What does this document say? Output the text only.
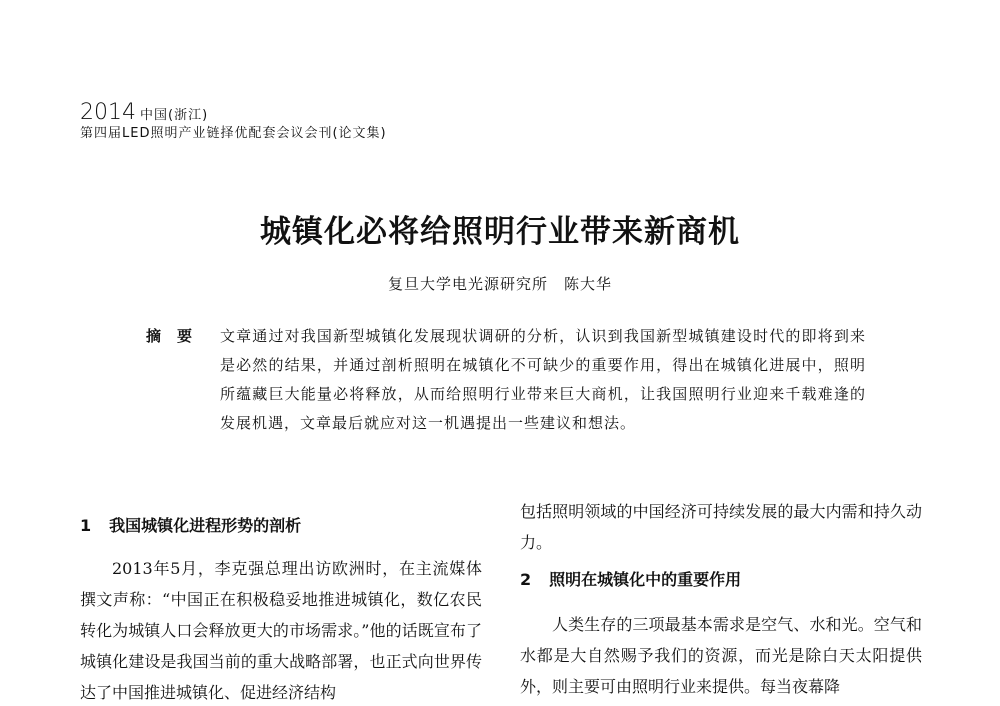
2014 中国(浙江)
第四届LED照明产业链择优配套会议会刊(论文集)
城镇化必将给照明行业带来新商机
复旦大学电光源研究所　陈大华
摘要 文章通过对我国新型城镇化发展现状调研的分析，认识到我国新型城镇建设时代的即将到来是必然的结果，并通过剖析照明在城镇化不可缺少的重要作用，得出在城镇化进展中，照明所蕴藏巨大能量必将释放，从而给照明行业带来巨大商机，让我国照明行业迎来千载难逢的发展机遇，文章最后就应对这一机遇提出一些建议和想法。
1 我国城镇化进程形势的剖析

2013年5月，李克强总理出访欧洲时，在主流媒体撰文声称：“中国正在积极稳妥地推进城镇化，数亿农民转化为城镇人口会释放更大的市场需求。”他的话既宣布了城镇化建设是我国当前的重大战略部署，也正式向世界传达了中国推进城镇化、促进经济结构

包括照明领域的中国经济可持续发展的最大内需和持久动力。

2 照明在城镇化中的重要作用

人类生存的三项最基本需求是空气、水和光。空气和水都是大自然赐予我们的资源，而光是除白天太阳提供外，则主要可由照明行业来提供。每当夜幕降
